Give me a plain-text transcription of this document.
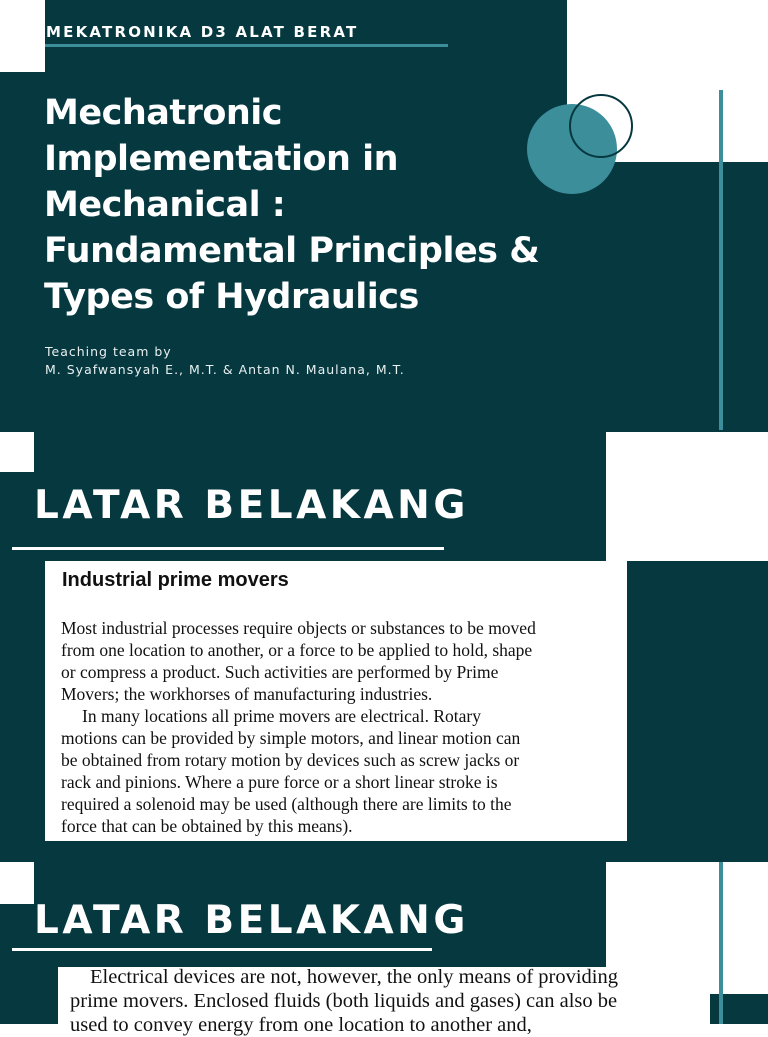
MEKATRONIKA D3 ALAT BERAT
Mechatronic
Implementation in
Mechanical :
Fundamental Principles &
Types of Hydraulics
Teaching team by
M. Syafwansyah E., M.T. & Antan N. Maulana, M.T.
LATAR BELAKANG
Industrial prime movers
Most industrial processes require objects or substances to be moved
from one location to another, or a force to be applied to hold, shape
or compress a product. Such activities are performed by Prime
Movers; the workhorses of manufacturing industries.
In many locations all prime movers are electrical. Rotary
motions can be provided by simple motors, and linear motion can
be obtained from rotary motion by devices such as screw jacks or
rack and pinions. Where a pure force or a short linear stroke is
required a solenoid may be used (although there are limits to the
force that can be obtained by this means).
LATAR BELAKANG
Electrical devices are not, however, the only means of providing
prime movers. Enclosed fluids (both liquids and gases) can also be
used to convey energy from one location to another and,
